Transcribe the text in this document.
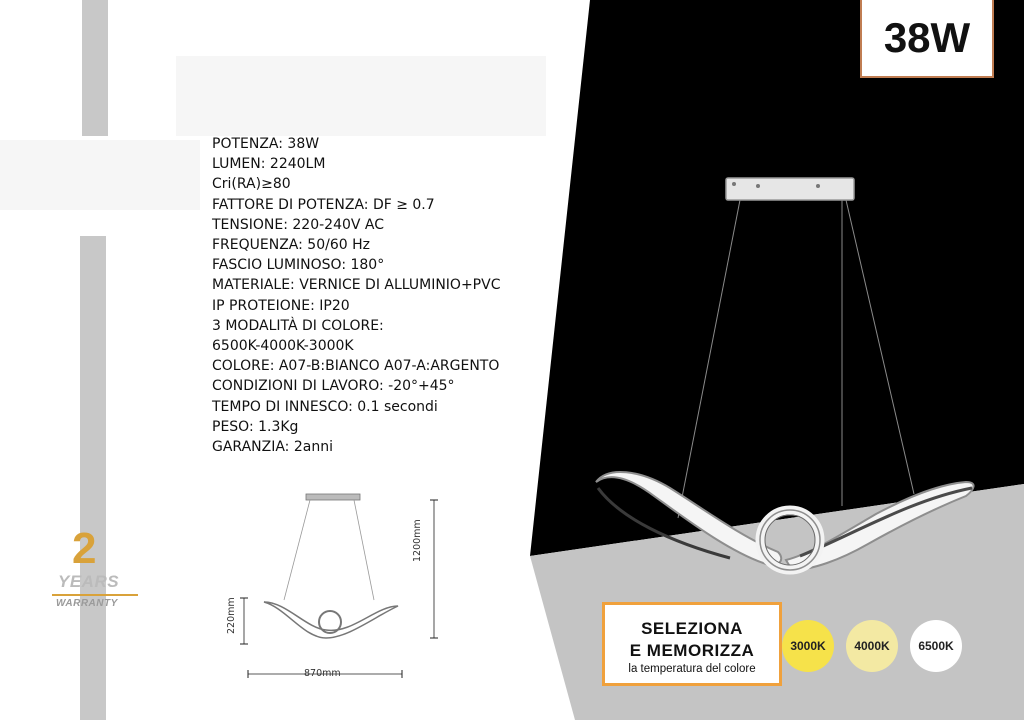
POTENZA: 38W
LUMEN: 2240LM
Cri(RA)≥80
FATTORE DI POTENZA: DF ≥ 0.7
TENSIONE: 220-240V AC
FREQUENZA: 50/60 Hz
FASCIO LUMINOSO: 180°
MATERIALE: VERNICE DI ALLUMINIO+PVC
IP PROTEIONE: IP20
3 MODALITÀ DI COLORE:
6500K-4000K-3000K
COLORE: A07-B:BIANCO A07-A:ARGENTO
CONDIZIONI DI LAVORO: -20°+45°
TEMPO DI INNESCO: 0.1 secondi
PESO: 1.3Kg
GARANZIA: 2anni
2
YEARS
WARRANTY
1200mm
220mm
870mm
38W
SELEZIONA
E MEMORIZZA
la temperatura del colore
3000K	4000K	6500K
